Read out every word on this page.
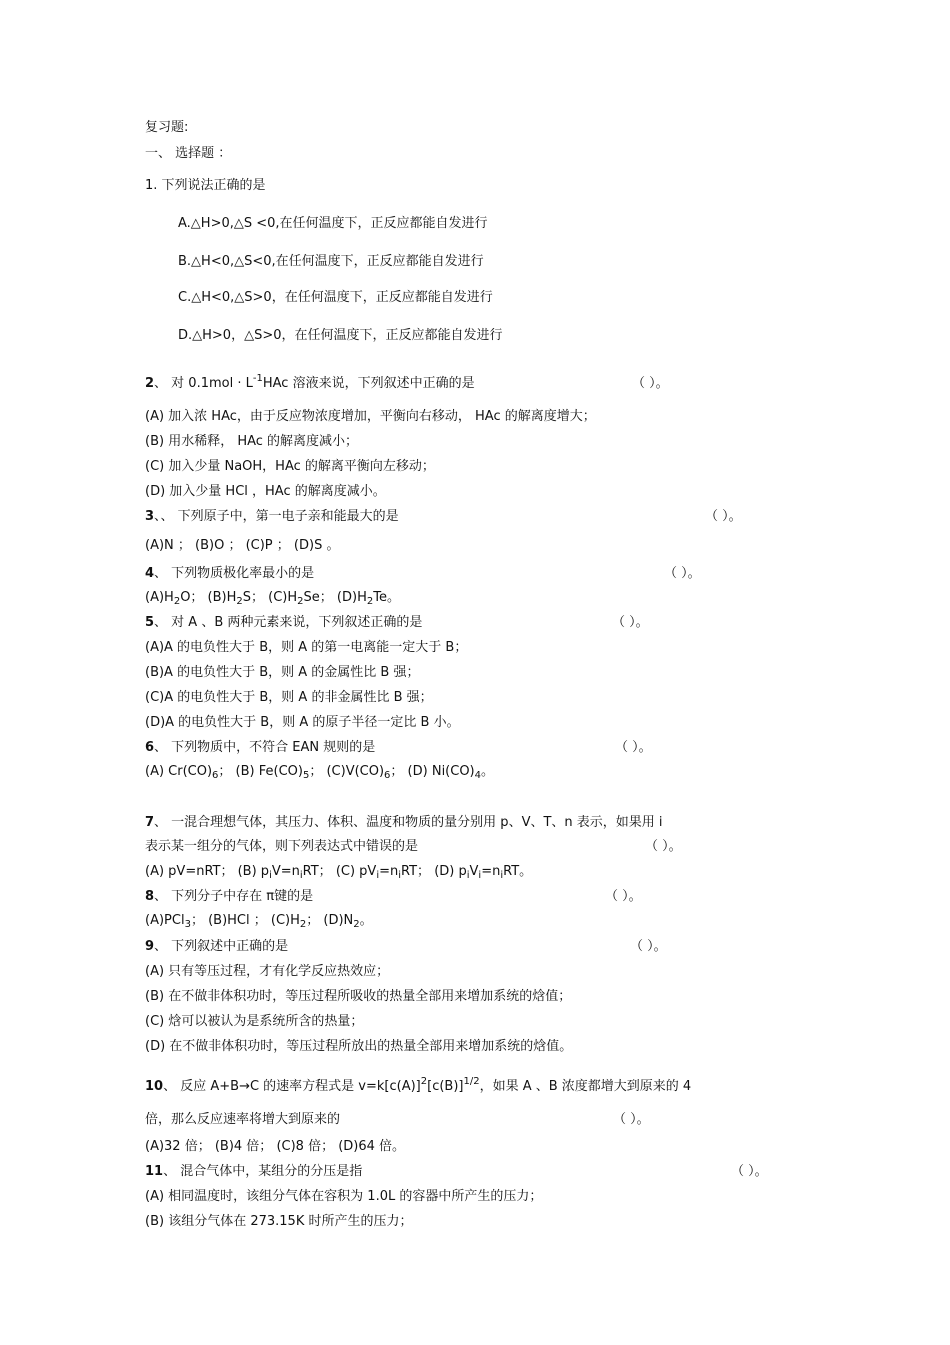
复习题:
一、 选择题 ：
1. 下列说法正确的是
A.△H>0,△S <0,在任何温度下，正反应都能自发进行
B.△H<0,△S<0,在任何温度下，正反应都能自发进行
C.△H<0,△S>0，在任何温度下，正反应都能自发进行
D.△H>0，△S>0，在任何温度下，正反应都能自发进行
2、 对 $0.1mol \cdot L^{-1}HAc$ 溶液来说，下列叙述中正确的是	（ ）。
(A) 加入浓 HAc，由于反应物浓度增加，平衡向右移动， HAc 的解离度增大；
(B) 用水稀释， HAc 的解离度减小；
(C) 加入少量 NaOH，HAc 的解离平衡向左移动；
(D) 加入少量 HCl ，HAc 的解离度减小。
3、、 下列原子中，第一电子亲和能最大的是	（ ）。
(A)N ； (B)O ； (C)P ； (D)S 。
4、 下列物质极化率最小的是	（ ）。
$(A)H_2O$； $(B)H_2S$； $(C)H_2Se$； $(D)H_2Te$。
5、 对 A 、B 两种元素来说，下列叙述正确的是	（ ）。
(A)A 的电负性大于 B，则 A 的第一电离能一定大于 B；
(B)A 的电负性大于 B，则 A 的金属性比 B 强；
(C)A 的电负性大于 B，则 A 的非金属性比 B 强；
(D)A 的电负性大于 B，则 A 的原子半径一定比 B 小。
6、 下列物质中，不符合 EAN 规则的是	（ ）。
(A) $Cr(CO)_6$； (B) $Fe(CO)_5$； $(C)V(CO)_6$； (D) $Ni(CO)_4$。
7、 一混合理想气体，其压力、体积、温度和物质的量分别用 p、V、T、n 表示，如果用 i
表示某一组分的气体，则下列表达式中错误的是	（ ）。
(A) pV=nRT； (B) $p_iV=n_iRT$； (C) $pV_i=n_iRT$； (D) $p_iV_i=n_iRT$。
8、 下列分子中存在 π键的是	（ ）。
(A)PCl$_3$； (B)HCl ； $(C)H_2$； $(D)N_2$。
9、 下列叙述中正确的是	（ ）。
(A) 只有等压过程，才有化学反应热效应；
(B) 在不做非体积功时，等压过程所吸收的热量全部用来增加系统的焓值；
(C) 焓可以被认为是系统所含的热量；
(D) 在不做非体积功时，等压过程所放出的热量全部用来增加系统的焓值。
10、 反应 A+B→C 的速率方程式是 $v=k[c(A)]^2[c(B)]^{1/2}$，如果 A 、B 浓度都增大到原来的 4
倍，那么反应速率将增大到原来的	（ ）。
(A)32 倍； (B)4 倍； (C)8 倍； (D)64 倍。
11、 混合气体中，某组分的分压是指	（ ）。
(A) 相同温度时，该组分气体在容积为 1.0L 的容器中所产生的压力；
(B) 该组分气体在 273.15K 时所产生的压力；
